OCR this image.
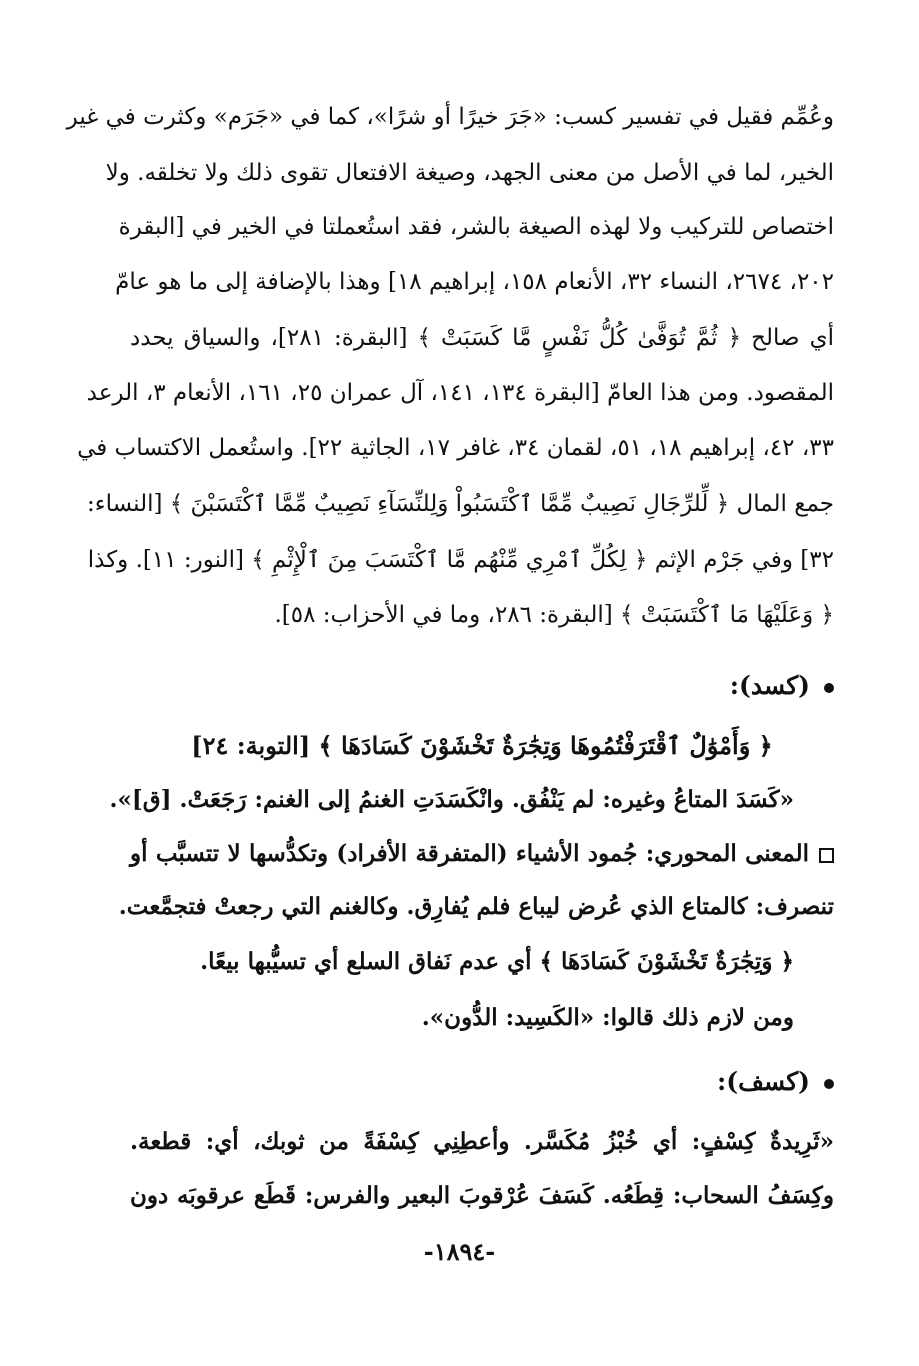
وعُمِّم فقيل في تفسير كسب: «جَرَ خيرًا أو شرًا»، كما في «جَرَم» وكثرت في غير
الخير، لما في الأصل من معنى الجهد، وصيغة الافتعال تقوى ذلك ولا تخلقه. ولا
اختصاص للتركيب ولا لهذه الصيغة بالشر، فقد استُعملتا في الخير في [البقرة
٢٠٢، ٢٦٧٤، النساء ٣٢، الأنعام ١٥٨، إبراهيم ١٨] وهذا بالإضافة إلى ما هو عامّ
أي صالح ﴿ ثُمَّ تُوَفَّىٰ كُلُّ نَفْسٍ مَّا كَسَبَتْ ﴾ [البقرة: ٢٨١]، والسياق يحدد
المقصود. ومن هذا العامّ [البقرة ١٣٤، ١٤١، آل عمران ٢٥، ١٦١، الأنعام ٣، الرعد
٣٣، ٤٢، إبراهيم ١٨، ٥١، لقمان ٣٤، غافر ١٧، الجاثية ٢٢]. واستُعمل الاكتساب في
جمع المال ﴿ لِّلرِّجَالِ نَصِيبٌ مِّمَّا ٱكْتَسَبُواْ وَلِلنِّسَآءِ نَصِيبٌ مِّمَّا ٱكْتَسَبْنَ ﴾ [النساء:
٣٢] وفي جَرْم الإثم ﴿ لِكُلِّ ٱمْرِي مِّنْهُم مَّا ٱكْتَسَبَ مِنَ ٱلْإِثْمِ ﴾ [النور: ١١]. وكذا
﴿ وَعَلَيْهَا مَا ٱكْتَسَبَتْ ﴾ [البقرة: ٢٨٦، وما في الأحزاب: ٥٨].
(كسد):
﴿ وَأَمْوَٰلٌ ٱقْتَرَفْتُمُوهَا وَتِجَٰرَةٌ تَخْشَوْنَ كَسَادَهَا ﴾ [التوبة: ٢٤]
«كَسَدَ المتاعُ وغيره: لم يَنْفُق. وانْكَسَدَتِ الغنمُ إلى الغنم: رَجَعَتْ. [ق]».
المعنى المحوري: جُمود الأشياء (المتفرقة الأفراد) وتكدُّسها لا تتسبَّب أو
تنصرف: كالمتاع الذي عُرض ليباع فلم يُفارِق. وكالغنم التي رجعتْ فتجمَّعت.
﴿ وَتِجَٰرَةٌ تَخْشَوْنَ كَسَادَهَا ﴾ أي عدم نَفاق السلع أي تسيُّبها بيعًا.
ومن لازم ذلك قالوا: «الكَسِيد: الدُّون».
(كسف):
«ثَرِيدةٌ كِسْفٍ: أي خُبْزُ مُكَسَّر. وأعطِنِي كِسْفَةً من ثوبك، أي: قطعة.
وكِسَفُ السحاب: قِطَعُه. كَسَفَ عُرْقوبَ البعير والفرس: قَطَع عرقوبَه دون
-١٨٩٤-
